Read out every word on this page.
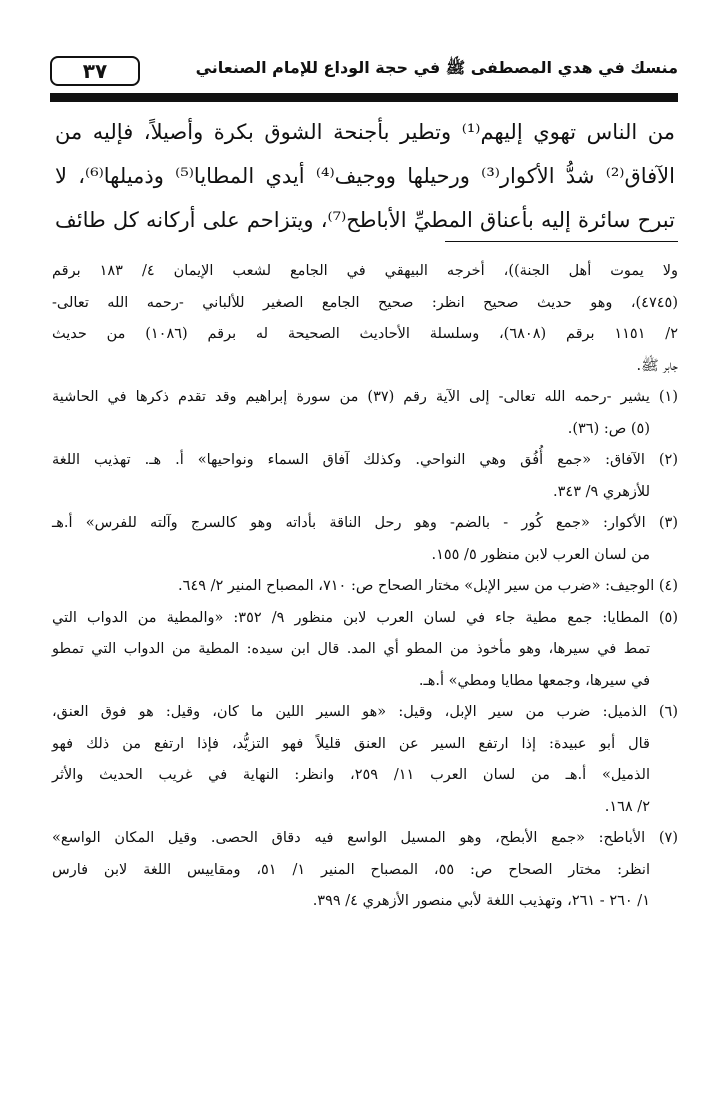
٣٧	منسك في هدي المصطفى ﷺ في حجة الوداع للإمام الصنعاني

من الناس تهوي إليهم⁽¹⁾ وتطير بأجنحة الشوق بكرة وأصيلاً، فإليه من

الآفاق⁽²⁾ شدُّ الأكوار⁽³⁾ ورحيلها ووجيف⁽⁴⁾ أيدي المطايا⁽⁵⁾ وذميلها⁽⁶⁾، لا

تبرح سائرة إليه بأعناق المطيِّ الأباطح⁽⁷⁾، ويتزاحم على أركانه كل طائف

ولا يموت أهل الجنة))، أخرجه البيهقي في الجامع لشعب الإيمان ٤/ ١٨٣ برقم
(٤٧٤٥)، وهو حديث صحيح انظر: صحيح الجامع الصغير للألباني -رحمه الله تعالى-
٢/ ١١٥١ برقم (٦٨٠٨)، وسلسلة الأحاديث الصحيحة له برقم (١٠٨٦) من حديث
جابر ﷺ.
(١) يشير -رحمه الله تعالى- إلى الآية رقم (٣٧) من سورة إبراهيم وقد تقدم ذكرها في الحاشية
(٥) ص: (٣٦).
(٢) الآفاق: «جمع أُفُق وهي النواحي. وكذلك آفاق السماء ونواحيها» أ. هـ. تهذيب اللغة
للأزهري ٩/ ٣٤٣.
(٣) الأكوار: «جمع كُور - بالضم- وهو رحل الناقة بأداته وهو كالسرج وآلته للفرس» أ.هـ
من لسان العرب لابن منظور ٥/ ١٥٥.
(٤) الوجيف: «ضرب من سير الإبل» مختار الصحاح ص: ٧١٠، المصباح المنير ٢/ ٦٤٩.
(٥) المطايا: جمع مطية جاء في لسان العرب لابن منظور ٩/ ٣٥٢: «والمطية من الدواب التي
تمط في سيرها، وهو مأخوذ من المطو أي المد. قال ابن سيده: المطية من الدواب التي تمطو
في سيرها، وجمعها مطايا ومطي» أ.هـ.
(٦) الذميل: ضرب من سير الإبل، وقيل: «هو السير اللين ما كان، وقيل: هو فوق العنق،
قال أبو عبيدة: إذا ارتفع السير عن العنق قليلاً فهو التزيُّد، فإذا ارتفع من ذلك فهو
الذميل» أ.هـ من لسان العرب ١١/ ٢٥٩، وانظر: النهاية في غريب الحديث والأثر
٢/ ١٦٨.
(٧) الأباطح: «جمع الأبطح، وهو المسيل الواسع فيه دقاق الحصى. وقيل المكان الواسع»
انظر: مختار الصحاح ص: ٥٥، المصباح المنير ١/ ٥١، ومقاييس اللغة لابن فارس
١/ ٢٦٠ - ٢٦١، وتهذيب اللغة لأبي منصور الأزهري ٤/ ٣٩٩.
